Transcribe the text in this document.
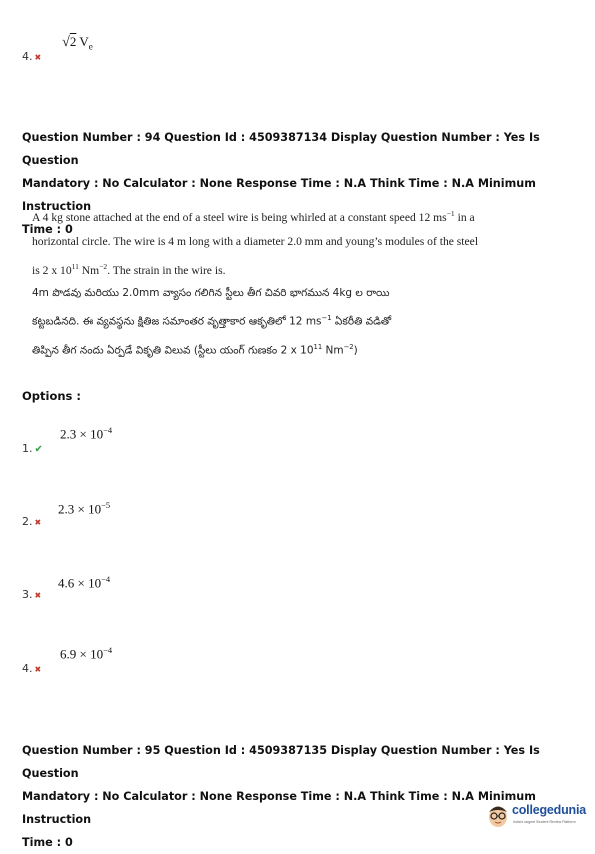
√2 $V_e$
4. ✖
Question Number : 94 Question Id : 4509387134 Display Question Number : Yes Is Question
Mandatory : No Calculator : None Response Time : N.A Think Time : N.A Minimum Instruction
Time : 0
A 4 kg stone attached at the end of a steel wire is being whirled at a constant speed 12 $ms^{-1}$ in a
horizontal circle. The wire is 4 m long with a diameter 2.0 mm and young’s modules of the steel
is 2 x $10^{11}$ $Nm^{-2}$. The strain in the wire is.
4m పొడవు మరియు 2.0mm వ్యాసం గలిగిన స్టీలు తీగ చివరి భాగమున 4kg ల రాయి
కట్టబడినది. ఈ వ్యవస్థను క్షితిజ సమాంతర వృత్తాకార ఆకృతిలో 12 $ms^{-1}$ ఏకరీతి వడితో
తిప్పిన తీగ నందు ఏర్పడే వికృతి విలువ (స్టీలు యంగ్ గుణకం 2 x $10^{11}$ $Nm^{-2}$)
Options :
$2.3 \times 10^{-4}$
1. ✔
$2.3 \times 10^{-5}$
2. ✖
$4.6 \times 10^{-4}$
3. ✖
$6.9 \times 10^{-4}$
4. ✖
Question Number : 95 Question Id : 4509387135 Display Question Number : Yes Is Question
Mandatory : No Calculator : None Response Time : N.A Think Time : N.A Minimum Instruction
Time : 0
collegedunia
India's largest Student Review Platform
